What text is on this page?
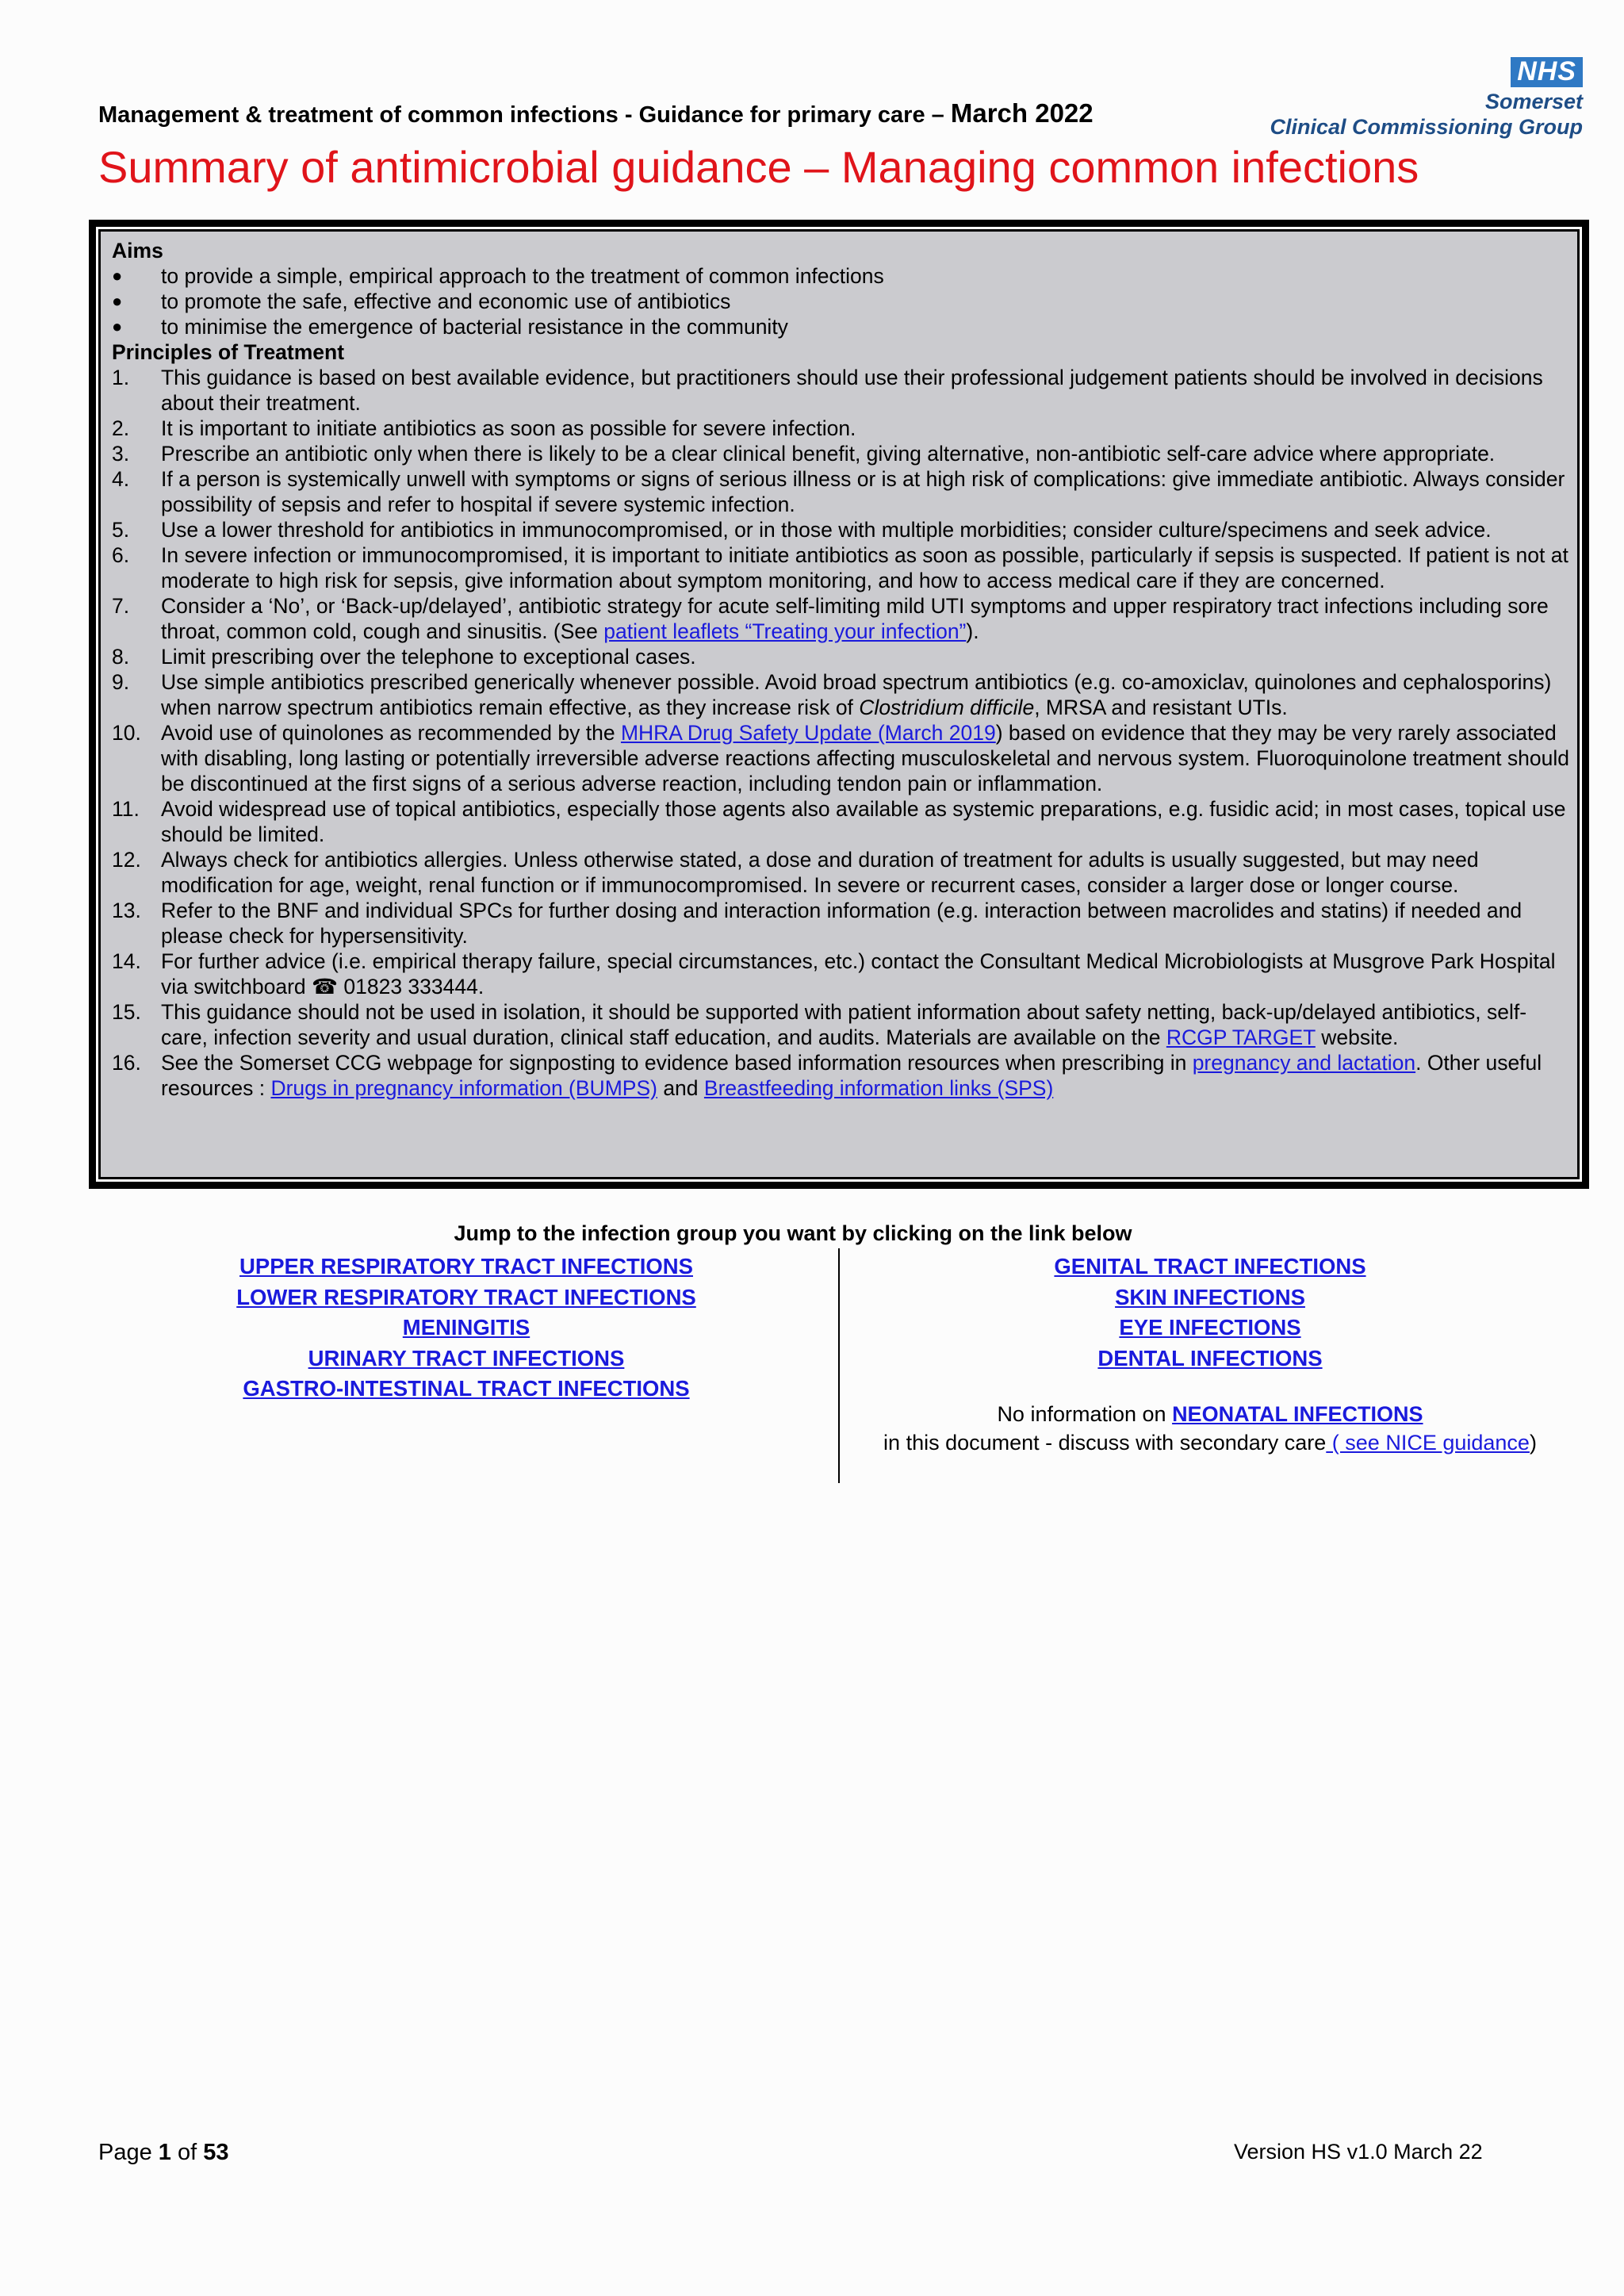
Management & treatment of common infections - Guidance for primary care – March 2022
NHS
Somerset
Clinical Commissioning Group
Summary of antimicrobial guidance – Managing common infections
Aims
●	to provide a simple, empirical approach to the treatment of common infections
●	to promote the safe, effective and economic use of antibiotics
●	to minimise the emergence of bacterial resistance in the community
Principles of Treatment
1.	This guidance is based on best available evidence, but practitioners should use their professional judgement patients should be involved in decisions about their treatment.
2.	It is important to initiate antibiotics as soon as possible for severe infection.
3.	Prescribe an antibiotic only when there is likely to be a clear clinical benefit, giving alternative, non-antibiotic self-care advice where appropriate.
4.	If a person is systemically unwell with symptoms or signs of serious illness or is at high risk of complications: give immediate antibiotic. Always consider possibility of sepsis and refer to hospital if severe systemic infection.
5.	Use a lower threshold for antibiotics in immunocompromised, or in those with multiple morbidities; consider culture/specimens and seek advice.
6.	In severe infection or immunocompromised, it is important to initiate antibiotics as soon as possible, particularly if sepsis is suspected. If patient is not at moderate to high risk for sepsis, give information about symptom monitoring, and how to access medical care if they are concerned.
7.	Consider a ‘No’, or ‘Back-up/delayed’, antibiotic strategy for acute self-limiting mild UTI symptoms and upper respiratory tract infections including sore throat, common cold, cough and sinusitis. (See patient leaflets “Treating your infection”).
8.	Limit prescribing over the telephone to exceptional cases.
9.	Use simple antibiotics prescribed generically whenever possible. Avoid broad spectrum antibiotics (e.g. co-amoxiclav, quinolones and cephalosporins) when narrow spectrum antibiotics remain effective, as they increase risk of Clostridium difficile, MRSA and resistant UTIs.
10. Avoid use of quinolones as recommended by the MHRA Drug Safety Update (March 2019) based on evidence that they may be very rarely associated with disabling, long lasting or potentially irreversible adverse reactions affecting musculoskeletal and nervous system. Fluoroquinolone treatment should be discontinued at the first signs of a serious adverse reaction, including tendon pain or inflammation.
11.	Avoid widespread use of topical antibiotics, especially those agents also available as systemic preparations, e.g. fusidic acid; in most cases, topical use should be limited.
12. Always check for antibiotics allergies. Unless otherwise stated, a dose and duration of treatment for adults is usually suggested, but may need modification for age, weight, renal function or if immunocompromised. In severe or recurrent cases, consider a larger dose or longer course.
13. Refer to the BNF and individual SPCs for further dosing and interaction information (e.g. interaction between macrolides and statins) if needed and please check for hypersensitivity.
14. For further advice (i.e. empirical therapy failure, special circumstances, etc.) contact the Consultant Medical Microbiologists at Musgrove Park Hospital via switchboard ☎ 01823 333444.
15. This guidance should not be used in isolation, it should be supported with patient information about safety netting, back-up/delayed antibiotics, self-care, infection severity and usual duration, clinical staff education, and audits. Materials are available on the RCGP TARGET website.
16. See the Somerset CCG webpage for signposting to evidence based information resources when prescribing in pregnancy and lactation. Other useful resources : Drugs in pregnancy information (BUMPS) and Breastfeeding information links (SPS)
Jump to the infection group you want by clicking on the link below
UPPER RESPIRATORY TRACT INFECTIONS
LOWER RESPIRATORY TRACT INFECTIONS
MENINGITIS
URINARY TRACT INFECTIONS
GASTRO-INTESTINAL TRACT INFECTIONS
GENITAL TRACT INFECTIONS
SKIN INFECTIONS
EYE INFECTIONS
DENTAL INFECTIONS
No information on NEONATAL INFECTIONS
in this document - discuss with secondary care ( see NICE guidance)
Page 1 of 53	Version HS v1.0 March 22
